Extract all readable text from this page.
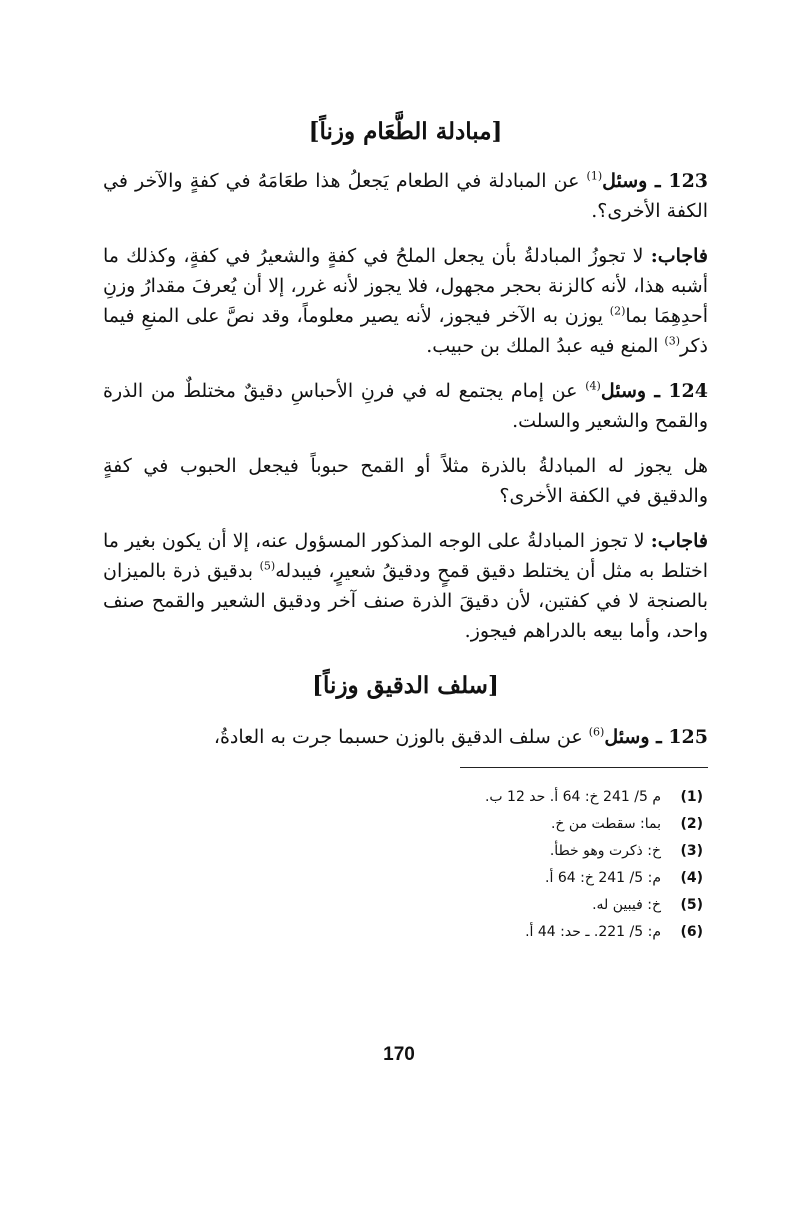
[مبادلة الطَّعَام وزناً]

123 ـ وسئل$^{(1)}$ عن المبادلة في الطعام يَجعلُ هذا طعَامَهُ في كفةٍ والآخر في الكفة الأخرى؟.

فاجاب: لا تجوزُ المبادلةُ بأن يجعل الملحُ في كفةٍ والشعيرُ في كفةٍ، وكذلك ما أشبه هذا، لأنه كالزنة بحجر مجهول، فلا يجوز لأنه غرر، إلا أن يُعرفَ مقدارُ وزنِ أحدِهِمَا بما$^{(2)}$ يوزن به الآخر فيجوز، لأنه يصير معلوماً، وقد نصَّ على المنعِ فيما ذكر$^{(3)}$ المنع فيه عبدُ الملك بن حبيب.

124 ـ وسئل$^{(4)}$ عن إمام يجتمع له في فرنِ الأحباسِ دقيقٌ مختلطٌ من الذرة والقمح والشعير والسلت.

هل يجوز له المبادلةُ بالذرة مثلاً أو القمح حبوباً فيجعل الحبوب في كفةٍ والدقيق في الكفة الأخرى؟

فاجاب: لا تجوز المبادلةُ على الوجه المذكور المسؤول عنه، إلا أن يكون بغير ما اختلط به مثل أن يختلط دقيق قمحٍ ودقيقُ شعيرٍ، فيبدله$^{(5)}$ بدقيق ذرة بالميزان بالصنجة لا في كفتين، لأن دقيقَ الذرة صنف آخر ودقيق الشعير والقمح صنف واحد، وأما بيعه بالدراهم فيجوز.

[سلف الدقيق وزناً]

125 ـ وسئل$^{(6)}$ عن سلف الدقيق بالوزن حسبما جرت به العادةُ،

(1)
م 5/ 241 خ: 64 أ. حد 12 ب.
(2)
بما: سقطت من خ.
(3)
خ: ذكرت وهو خطأ.
(4)
م: 5/ 241 خ: 64 أ.
(5)
خ: فيبين له.
(6)
م: 5/ 221. ـ حد: 44 أ.
170
